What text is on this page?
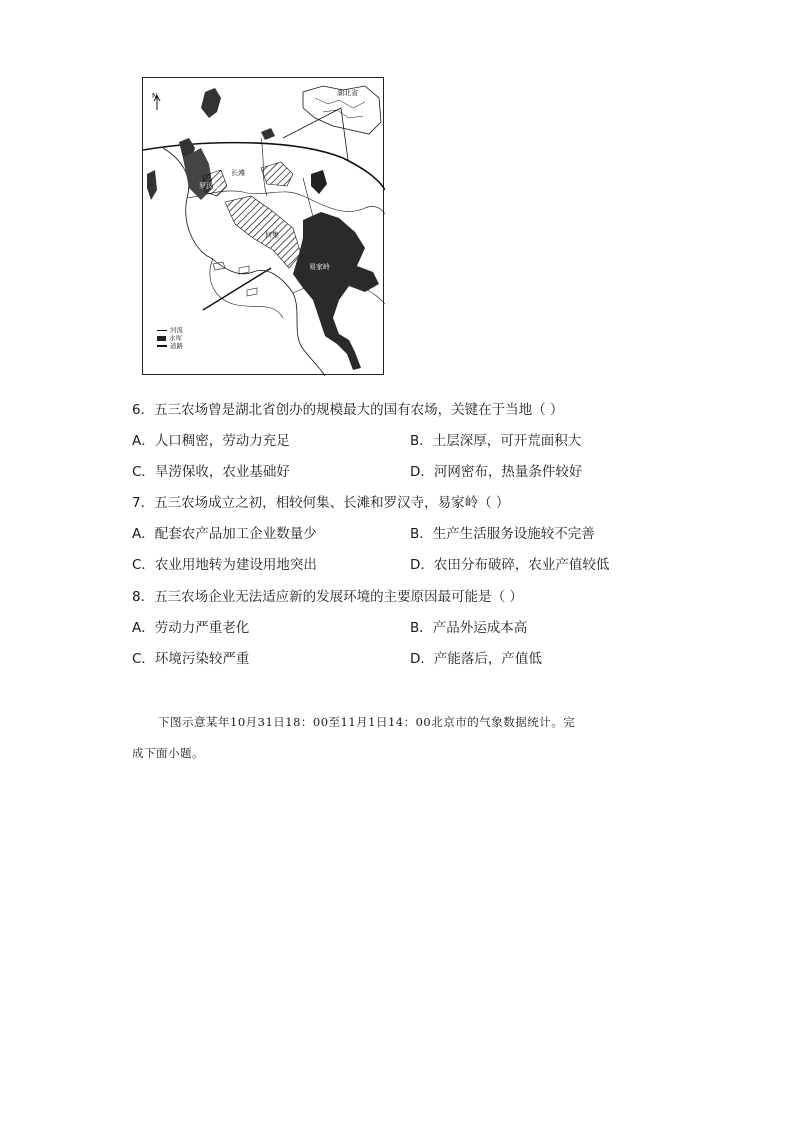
N	湖北省
长滩
罗汉寺
何集
易家岭
河流
水库
道路
6．五三农场曾是湖北省创办的规模最大的国有农场，关键在于当地（ ）
A．人口稠密，劳动力充足	B．土层深厚，可开荒面积大
C．旱涝保收，农业基础好	D．河网密布，热量条件较好
7．五三农场成立之初，相较何集、长滩和罗汉寺，易家岭（ ）
A．配套农产品加工企业数量少	B．生产生活服务设施较不完善
C．农业用地转为建设用地突出	D．农田分布破碎，农业产值较低
8．五三农场企业无法适应新的发展环境的主要原因最可能是（ ）
A．劳动力严重老化	B．产品外运成本高
C．环境污染较严重	D．产能落后，产值低
下图示意某年10月31日18：00至11月1日14：00北京市的气象数据统计。完
成下面小题。
